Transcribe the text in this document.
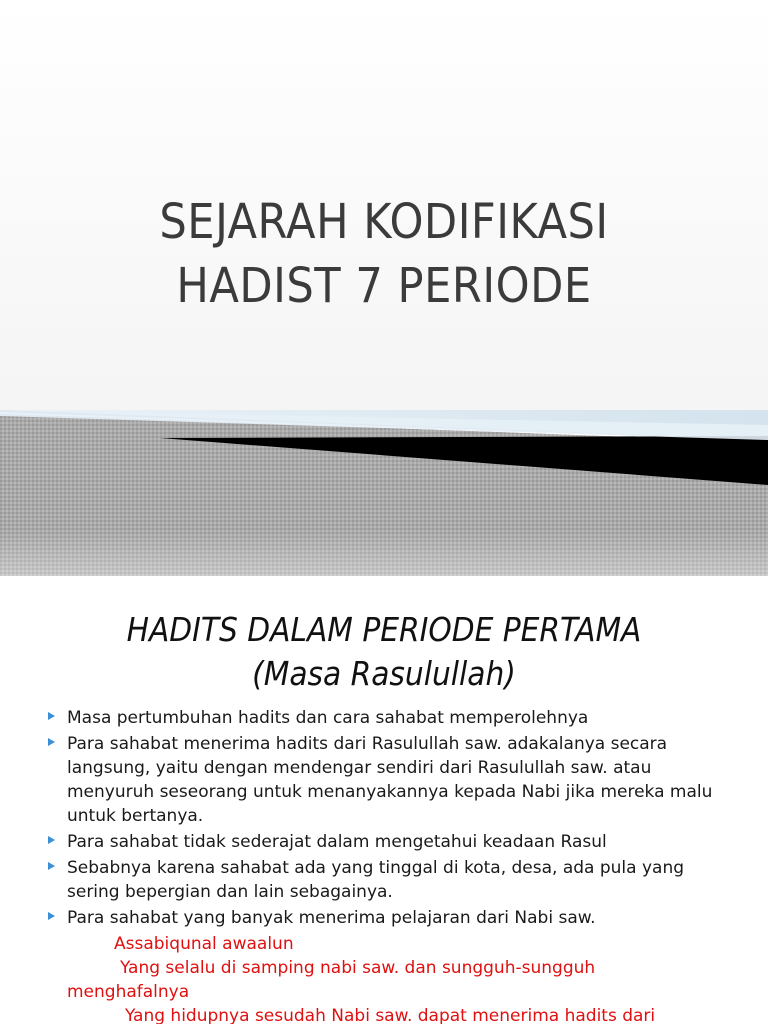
SEJARAH KODIFIKASI
HADIST 7 PERIODE
HADITS DALAM PERIODE PERTAMA
(Masa Rasulullah)
Masa pertumbuhan hadits dan cara sahabat memperolehnya
Para sahabat menerima hadits dari Rasulullah saw. adakalanya secara langsung, yaitu dengan mendengar sendiri dari Rasulullah saw. atau menyuruh seseorang untuk menanyakannya kepada Nabi jika mereka malu untuk bertanya.
Para sahabat tidak sederajat dalam mengetahui keadaan Rasul
Sebabnya karena sahabat ada yang tinggal di kota, desa, ada pula yang sering bepergian dan lain sebagainya.
Para sahabat yang banyak menerima pelajaran dari Nabi saw.
Assabiqunal awaalun
Yang selalu di samping nabi saw. dan sungguh-sungguh
menghafalnya
Yang hidupnya sesudah Nabi saw. dapat menerima hadits dari
